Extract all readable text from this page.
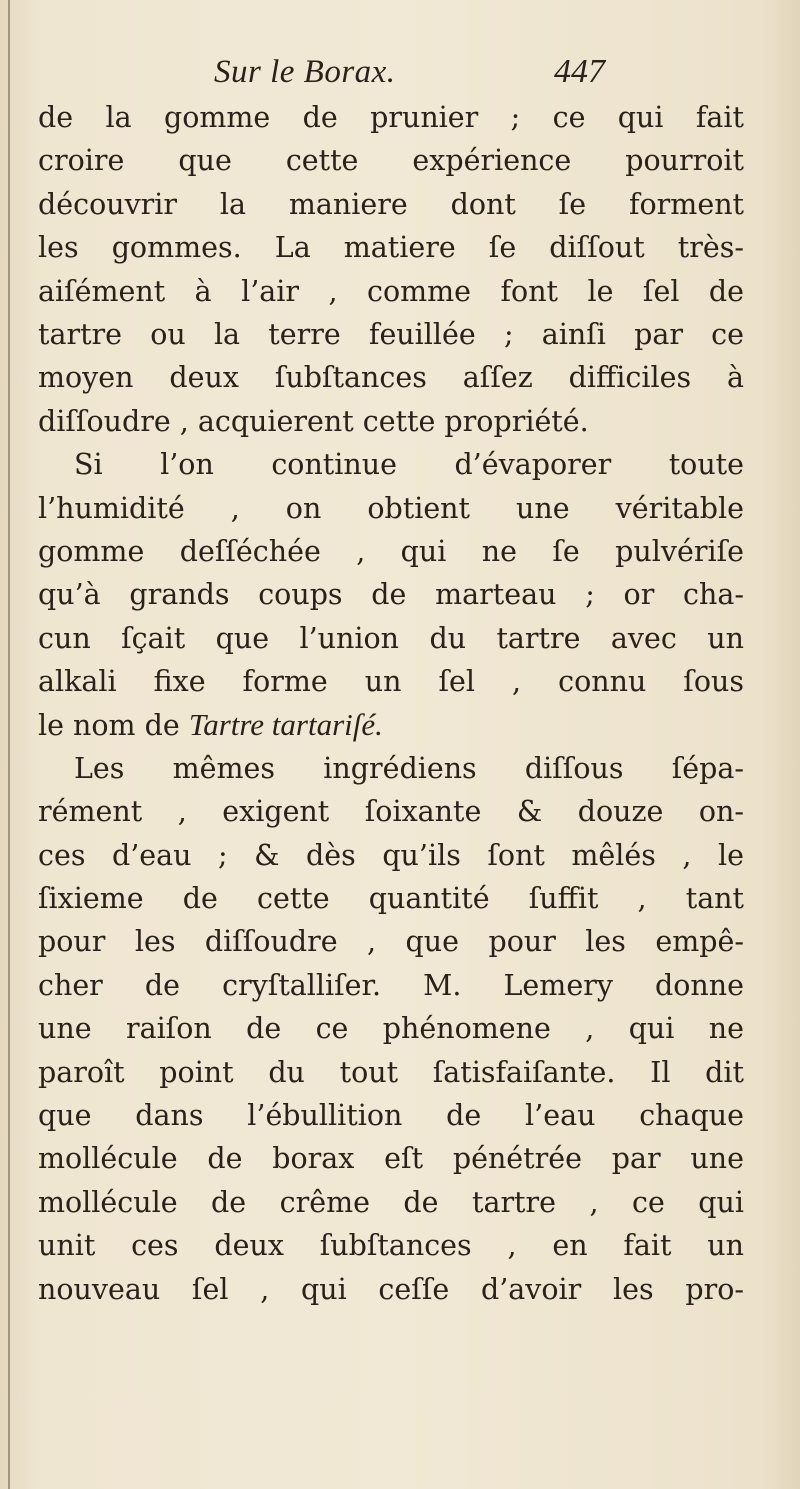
Sur le Borax.	447
de la gomme de prunier ; ce qui fait
croire que cette expérience pourroit
découvrir la maniere dont ſe forment
les gommes. La matiere ſe diſſout très-
aiſément à l’air , comme font le ſel de
tartre ou la terre feuillée ; ainſi par ce
moyen deux ſubſtances aſſez difficiles à
diſſoudre , acquierent cette propriété.
Si l’on continue d’évaporer toute
l’humidité , on obtient une véritable
gomme deſſéchée , qui ne ſe pulvériſe
qu’à grands coups de marteau ; or cha-
cun ſçait que l’union du tartre avec un
alkali fixe forme un ſel , connu ſous
le nom de Tartre tartariſé.
Les mêmes ingrédiens diſſous ſépa-
rément , exigent ſoixante & douze on-
ces d’eau ; & dès qu’ils ſont mêlés , le
ſixieme de cette quantité ſuffit , tant
pour les diſſoudre , que pour les empê-
cher de cryſtalliſer. M. Lemery donne
une raiſon de ce phénomene , qui ne
paroît point du tout ſatisfaiſante. Il dit
que dans l’ébullition de l’eau chaque
mollécule de borax eſt pénétrée par une
mollécule de crême de tartre , ce qui
unit ces deux ſubſtances , en fait un
nouveau ſel , qui ceſſe d’avoir les pro-
